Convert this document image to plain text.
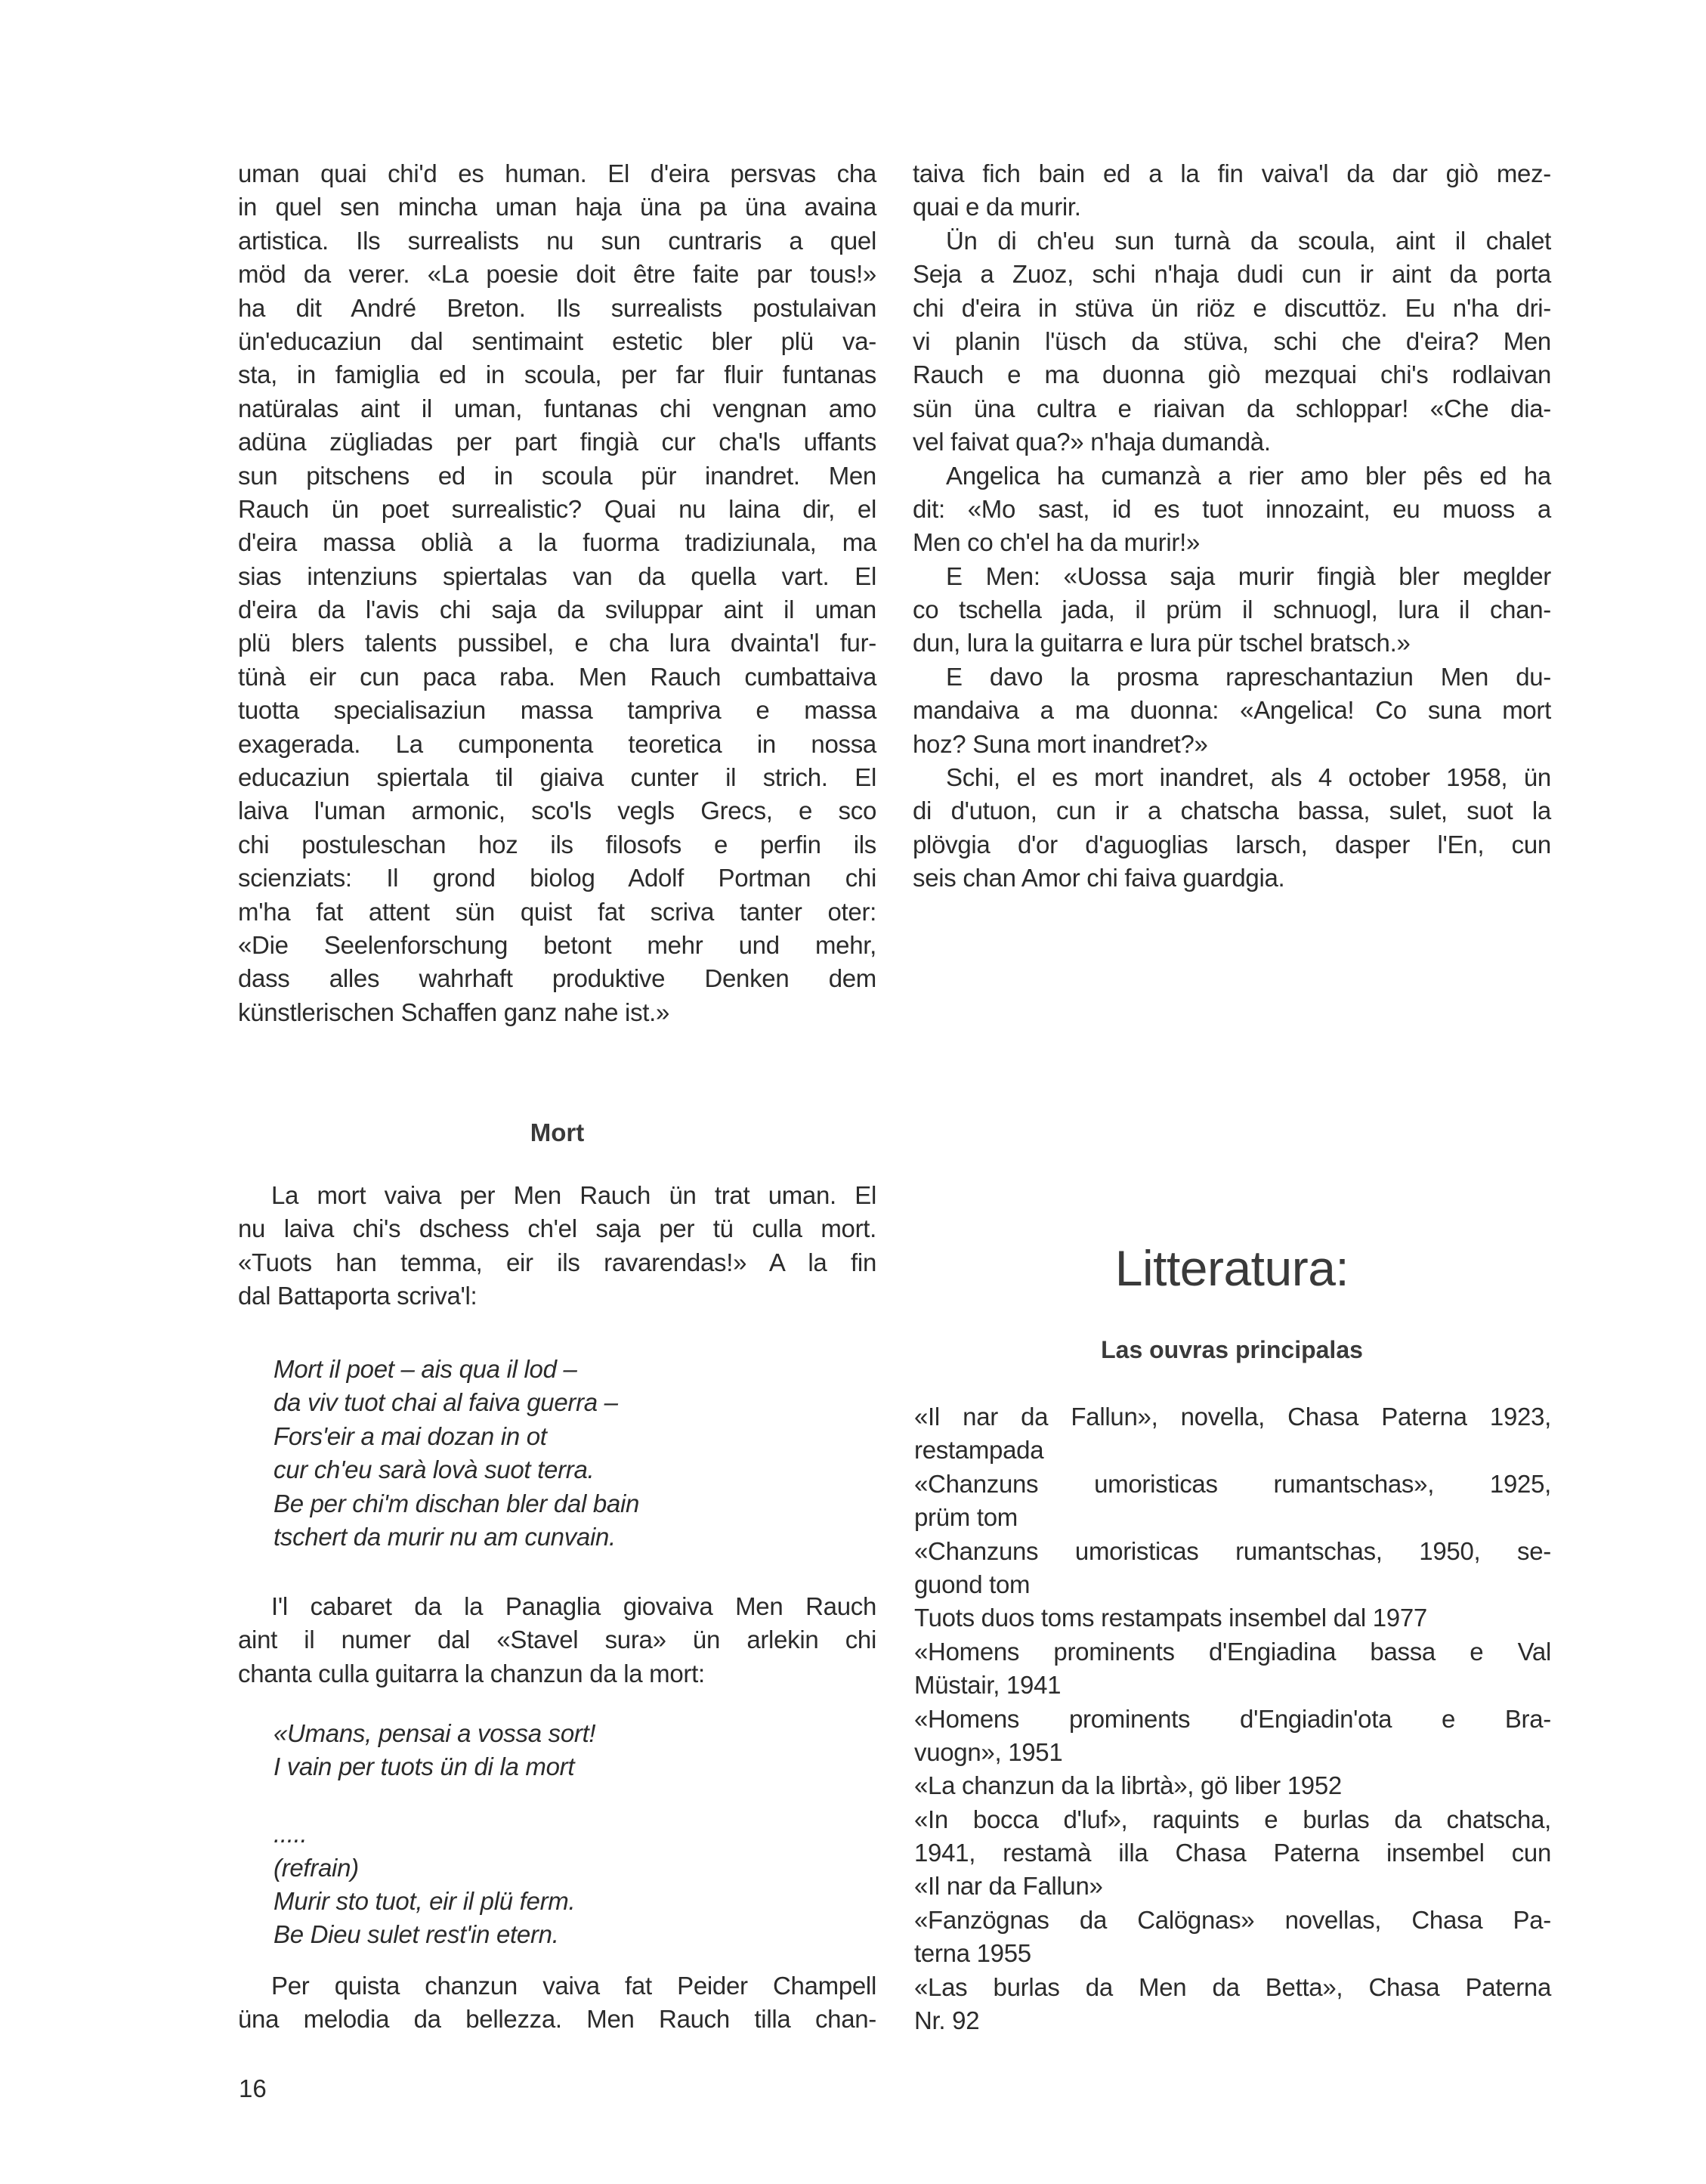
uman quai chi'd es human. El d'eira persvas cha
in quel sen mincha uman haja üna pa üna avaina
artistica. Ils surrealists nu sun cuntraris a quel
möd da verer. «La poesie doit être faite par tous!»
ha dit André Breton. Ils surrealists postulaivan
ün'educaziun dal sentimaint estetic bler plü va-
sta, in famiglia ed in scoula, per far fluir funtanas
natüralas aint il uman, funtanas chi vengnan amo
adüna zügliadas per part fingià cur cha'ls uffants
sun pitschens ed in scoula pür inandret. Men
Rauch ün poet surrealistic? Quai nu laina dir, el
d'eira massa oblià a la fuorma tradiziunala, ma
sias intenziuns spiertalas van da quella vart. El
d'eira da l'avis chi saja da sviluppar aint il uman
plü blers talents pussibel, e cha lura dvainta'l fur-
tünà eir cun paca raba. Men Rauch cumbattaiva
tuotta specialisaziun massa tampriva e massa
exagerada. La cumponenta teoretica in nossa
educaziun spiertala til giaiva cunter il strich. El
laiva l'uman armonic, sco'ls vegls Grecs, e sco
chi postuleschan hoz ils filosofs e perfin ils
scienziats: Il grond biolog Adolf Portman chi
m'ha fat attent sün quist fat scriva tanter oter:
«Die Seelenforschung betont mehr und mehr,
dass alles wahrhaft produktive Denken dem
künstlerischen Schaffen ganz nahe ist.»
Mort
La mort vaiva per Men Rauch ün trat uman. El
nu laiva chi's dschess ch'el saja per tü culla mort.
«Tuots han temma, eir ils ravarendas!» A la fin
dal Battaporta scriva'l:
Mort il poet – ais qua il lod –
da viv tuot chai al faiva guerra –
Fors'eir a mai dozan in ot
cur ch'eu sarà lovà suot terra.
Be per chi'm dischan bler dal bain
tschert da murir nu am cunvain.
I'l cabaret da la Panaglia giovaiva Men Rauch
aint il numer dal «Stavel sura» ün arlekin chi
chanta culla guitarra la chanzun da la mort:
«Umans, pensai a vossa sort!
I vain per tuots ün di la mort
.....
(refrain)
Murir sto tuot, eir il plü ferm.
Be Dieu sulet rest'in etern.
Per quista chanzun vaiva fat Peider Champell
üna melodia da bellezza. Men Rauch tilla chan-
taiva fich bain ed a la fin vaiva'l da dar giò mez-
quai e da murir.
Ün di ch'eu sun turnà da scoula, aint il chalet
Seja a Zuoz, schi n'haja dudi cun ir aint da porta
chi d'eira in stüva ün riöz e discuttöz. Eu n'ha dri-
vi planin l'üsch da stüva, schi che d'eira? Men
Rauch e ma duonna giò mezquai chi's rodlaivan
sün üna cultra e riaivan da schloppar! «Che dia-
vel faivat qua?» n'haja dumandà.
Angelica ha cumanzà a rier amo bler pês ed ha
dit: «Mo sast, id es tuot innozaint, eu muoss a
Men co ch'el ha da murir!»
E Men: «Uossa saja murir fingià bler meglder
co tschella jada, il prüm il schnuogl, lura il chan-
dun, lura la guitarra e lura pür tschel bratsch.»
E davo la prosma rapreschantaziun Men du-
mandaiva a ma duonna: «Angelica! Co suna mort
hoz? Suna mort inandret?»
Schi, el es mort inandret, als 4 october 1958, ün
di d'utuon, cun ir a chatscha bassa, sulet, suot la
plövgia d'or d'aguoglias larsch, dasper l'En, cun
seis chan Amor chi faiva guardgia.
Litteratura:
Las ouvras principalas
«Il nar da Fallun», novella, Chasa Paterna 1923,
restampada
«Chanzuns umoristicas rumantschas», 1925,
prüm tom
«Chanzuns umoristicas rumantschas, 1950, se-
guond tom
Tuots duos toms restampats insembel dal 1977
«Homens prominents d'Engiadina bassa e Val
Müstair, 1941
«Homens prominents d'Engiadin'ota e Bra-
vuogn», 1951
«La chanzun da la librtà», gö liber 1952
«In bocca d'luf», raquints e burlas da chatscha,
1941, restamà illa Chasa Paterna insembel cun
«Il nar da Fallun»
«Fanzögnas da Calögnas» novellas, Chasa Pa-
terna 1955
«Las burlas da Men da Betta», Chasa Paterna
Nr. 92
16
